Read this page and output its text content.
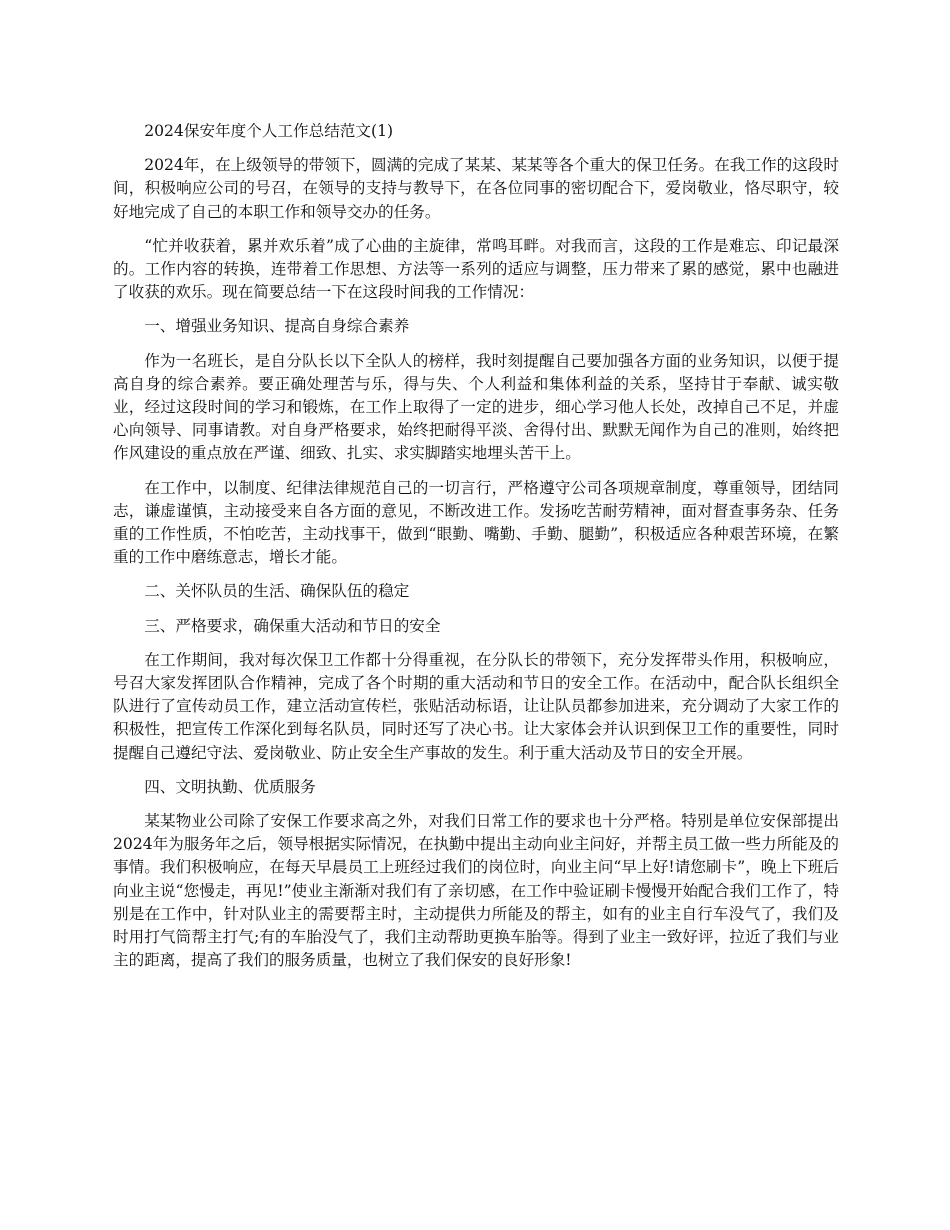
2024保安年度个人工作总结范文(1)

2024年，在上级领导的带领下，圆满的完成了某某、某某等各个重大的保卫任务。在我工作的这段时间，积极响应公司的号召，在领导的支持与教导下，在各位同事的密切配合下，爱岗敬业，恪尽职守，较好地完成了自己的本职工作和领导交办的任务。

“忙并收获着，累并欢乐着”成了心曲的主旋律，常鸣耳畔。对我而言，这段的工作是难忘、印记最深的。工作内容的转换，连带着工作思想、方法等一系列的适应与调整，压力带来了累的感觉，累中也融进了收获的欢乐。现在简要总结一下在这段时间我的工作情况：

一、增强业务知识、提高自身综合素养

作为一名班长，是自分队长以下全队人的榜样，我时刻提醒自己要加强各方面的业务知识，以便于提高自身的综合素养。要正确处理苦与乐，得与失、个人利益和集体利益的关系，坚持甘于奉献、诚实敬业，经过这段时间的学习和锻炼，在工作上取得了一定的进步，细心学习他人长处，改掉自己不足，并虚心向领导、同事请教。对自身严格要求，始终把耐得平淡、舍得付出、默默无闻作为自己的准则，始终把作风建设的重点放在严谨、细致、扎实、求实脚踏实地埋头苦干上。

在工作中，以制度、纪律法律规范自己的一切言行，严格遵守公司各项规章制度，尊重领导，团结同志，谦虚谨慎，主动接受来自各方面的意见，不断改进工作。发扬吃苦耐劳精神，面对督查事务杂、任务重的工作性质，不怕吃苦，主动找事干，做到“眼勤、嘴勤、手勤、腿勤”，积极适应各种艰苦环境，在繁重的工作中磨练意志，增长才能。

二、关怀队员的生活、确保队伍的稳定

三、严格要求，确保重大活动和节日的安全

在工作期间，我对每次保卫工作都十分得重视，在分队长的带领下，充分发挥带头作用，积极响应，号召大家发挥团队合作精神，完成了各个时期的重大活动和节日的安全工作。在活动中，配合队长组织全队进行了宣传动员工作，建立活动宣传栏，张贴活动标语，让让队员都参加进来，充分调动了大家工作的积极性，把宣传工作深化到每名队员，同时还写了决心书。让大家体会并认识到保卫工作的重要性，同时提醒自己遵纪守法、爱岗敬业、防止安全生产事故的发生。利于重大活动及节日的安全开展。

四、文明执勤、优质服务

某某物业公司除了安保工作要求高之外，对我们日常工作的要求也十分严格。特别是单位安保部提出2024年为服务年之后，领导根据实际情况，在执勤中提出主动向业主问好，并帮主员工做一些力所能及的事情。我们积极响应，在每天早晨员工上班经过我们的岗位时，向业主问“早上好!请您刷卡”，晚上下班后向业主说“您慢走，再见!”使业主渐渐对我们有了亲切感，在工作中验证刷卡慢慢开始配合我们工作了，特别是在工作中，针对队业主的需要帮主时，主动提供力所能及的帮主，如有的业主自行车没气了，我们及时用打气筒帮主打气;有的车胎没气了，我们主动帮助更换车胎等。得到了业主一致好评，拉近了我们与业主的距离，提高了我们的服务质量，也树立了我们保安的良好形象!
